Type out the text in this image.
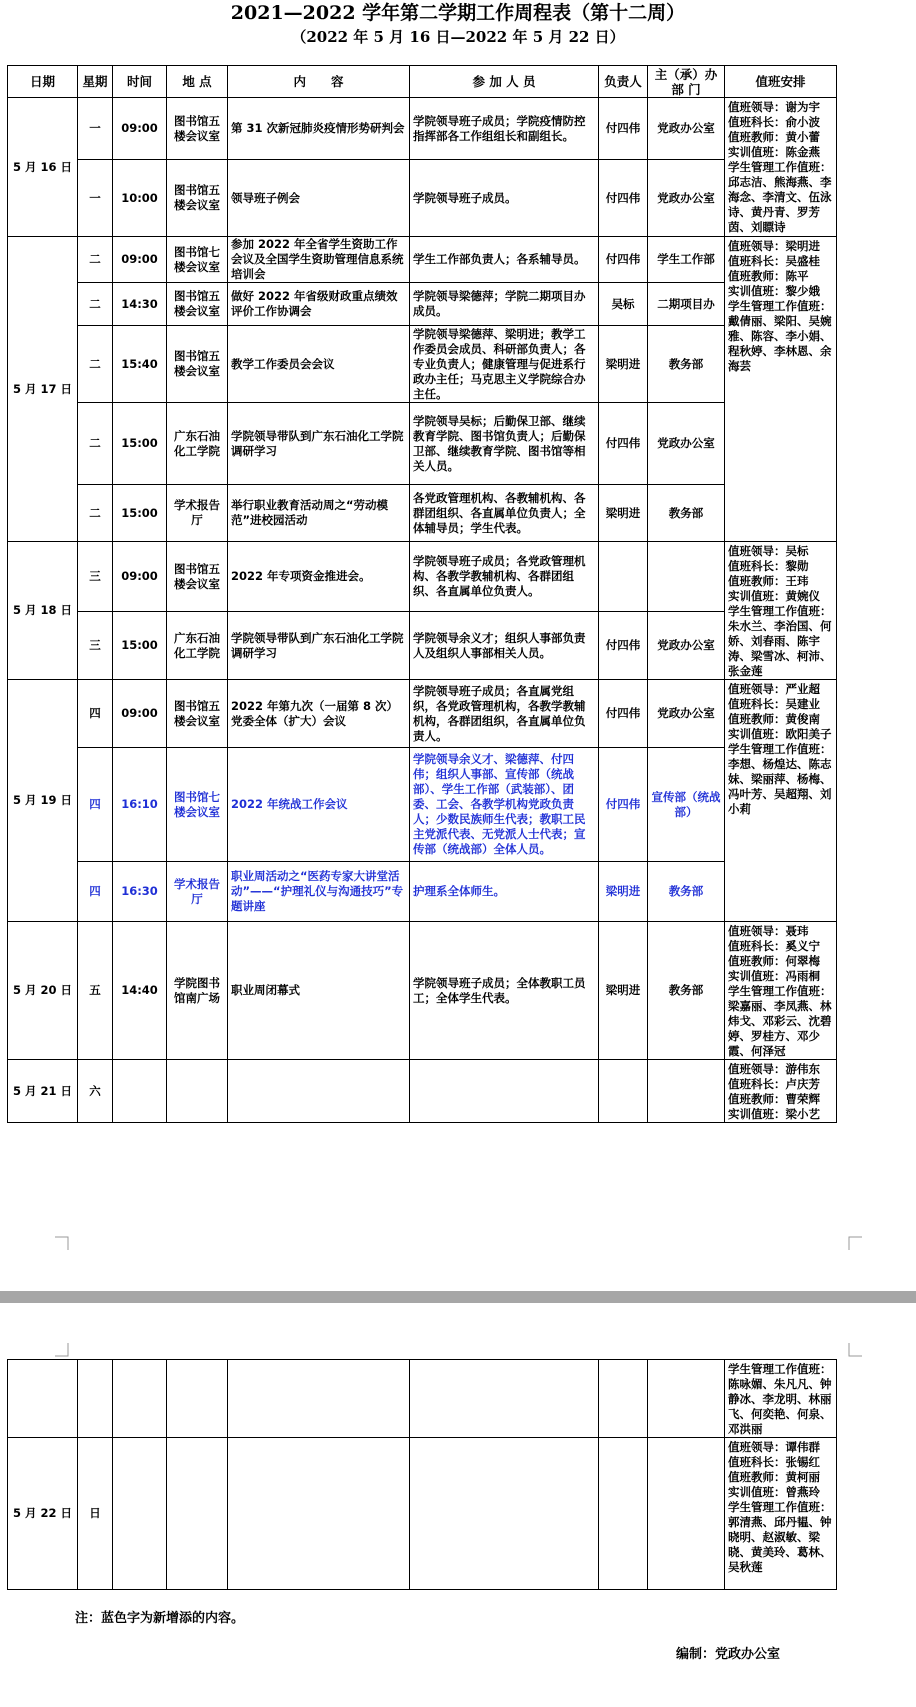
2021—2022 学年第二学期工作周程表（第十二周）
（2022 年 5 月 16 日—2022 年 5 月 22 日）
日期	星期	时间	地 点	内　　容	参 加 人 员	负责人	主（承）办部 门	值班安排
5 月 16 日	一	09:00	图书馆五楼会议室	第 31 次新冠肺炎疫情形势研判会	学院领导班子成员；学院疫情防控指挥部各工作组组长和副组长。	付四伟	党政办公室	值班领导：谢为宇
值班科长：俞小波
值班教师：黄小蕾
实训值班：陈金燕
学生管理工作值班：邱志洁、熊海燕、李海念、李清文、伍泳诗、黄丹青、罗芳茵、刘瞟诗
	一	10:00	图书馆五楼会议室	领导班子例会	学院领导班子成员。	付四伟	党政办公室	
5 月 17 日	二	09:00	图书馆七楼会议室	参加 2022 年全省学生资助工作会议及全国学生资助管理信息系统培训会	学生工作部负责人；各系辅导员。	付四伟	学生工作部	值班领导：梁明进
值班科长：吴盛桂
值班教师：陈平
实训值班：黎少娥
学生管理工作值班：戴倩丽、梁阳、吴婉雅、陈容、李小娟、程秋婷、李林恩、余海芸
	二	14:30	图书馆五楼会议室	做好 2022 年省级财政重点绩效评价工作协调会	学院领导梁德萍；学院二期项目办成员。	吴标	二期项目办	
	二	15:40	图书馆五楼会议室	教学工作委员会会议	学院领导梁德萍、梁明进；教学工作委员会成员、科研部负责人；各专业负责人；健康管理与促进系行政办主任；马克思主义学院综合办主任。	梁明进	教务部	
	二	15:00	广东石油化工学院	学院领导带队到广东石油化工学院调研学习	学院领导吴标；后勤保卫部、继续教育学院、图书馆负责人；后勤保卫部、继续教育学院、图书馆等相关人员。	付四伟	党政办公室	
	二	15:00	学术报告厅	举行职业教育活动周之“劳动模范”进校园活动	各党政管理机构、各教辅机构、各群团组织、各直属单位负责人；全体辅导员；学生代表。	梁明进	教务部	
5 月 18 日	三	09:00	图书馆五楼会议室	2022 年专项资金推进会。	学院领导班子成员；各党政管理机构、各教学教辅机构、各群团组织、各直属单位负责人。			值班领导：吴标
值班科长：黎勋
值班教师：王玮
实训值班：黄婉仪
学生管理工作值班：朱水兰、李治国、何娇、刘春雨、陈宇涛、梁雪冰、柯沛、张金莲
	三	15:00	广东石油化工学院	学院领导带队到广东石油化工学院调研学习	学院领导余义才；组织人事部负责人及组织人事部相关人员。	付四伟	党政办公室	
5 月 19 日	四	09:00	图书馆五楼会议室	2022 年第九次（一届第 8 次）党委全体（扩大）会议	学院领导班子成员；各直属党组织，各党政管理机构，各教学教辅机构，各群团组织，各直属单位负责人。	付四伟	党政办公室	值班领导：严业超
值班科长：吴建业
值班教师：黄俊南
实训值班：欧阳美子
学生管理工作值班：李想、杨煌达、陈志妹、梁丽萍、杨梅、冯叶芳、吴超翔、刘小莉
	四	16:10	图书馆七楼会议室	2022 年统战工作会议	学院领导余义才、梁德萍、付四伟；组织人事部、宣传部（统战部）、学生工作部（武装部）、团委、工会、各教学机构党政负责人；少数民族师生代表；教职工民主党派代表、无党派人士代表；宣传部（统战部）全体人员。	付四伟	宣传部（统战部）	
	四	16:30	学术报告厅	职业周活动之“医药专家大讲堂活动”——“护理礼仪与沟通技巧”专题讲座	护理系全体师生。	梁明进	教务部	
5 月 20 日	五	14:40	学院图书馆南广场	职业周闭幕式	学院领导班子成员；全体教职工员工；全体学生代表。	梁明进	教务部	值班领导：聂玮
值班科长：奚义宁
值班教师：何翠梅
实训值班：冯雨桐
学生管理工作值班：梁嘉丽、李凤燕、林炜戈、邓彩云、沈碧婷、罗桂方、邓少霞、何泽冠
5 月 21 日	六							值班领导：游伟东
值班科长：卢庆芳
值班教师：曹荣辉
实训值班：梁小艺
								学生管理工作值班：陈咏媚、朱凡凡、钟静冰、李龙明、林丽飞、何奕艳、何泉、邓洪丽
5 月 22 日	日							值班领导：谭伟群
值班科长：张锡红
值班教师：黄柯丽
实训值班：曾燕玲
学生管理工作值班：郭清燕、邱丹韫、钟晓明、赵淑敏、梁晓、黄美玲、葛林、吴秋莲
注：蓝色字为新增添的内容。
编制：党政办公室
